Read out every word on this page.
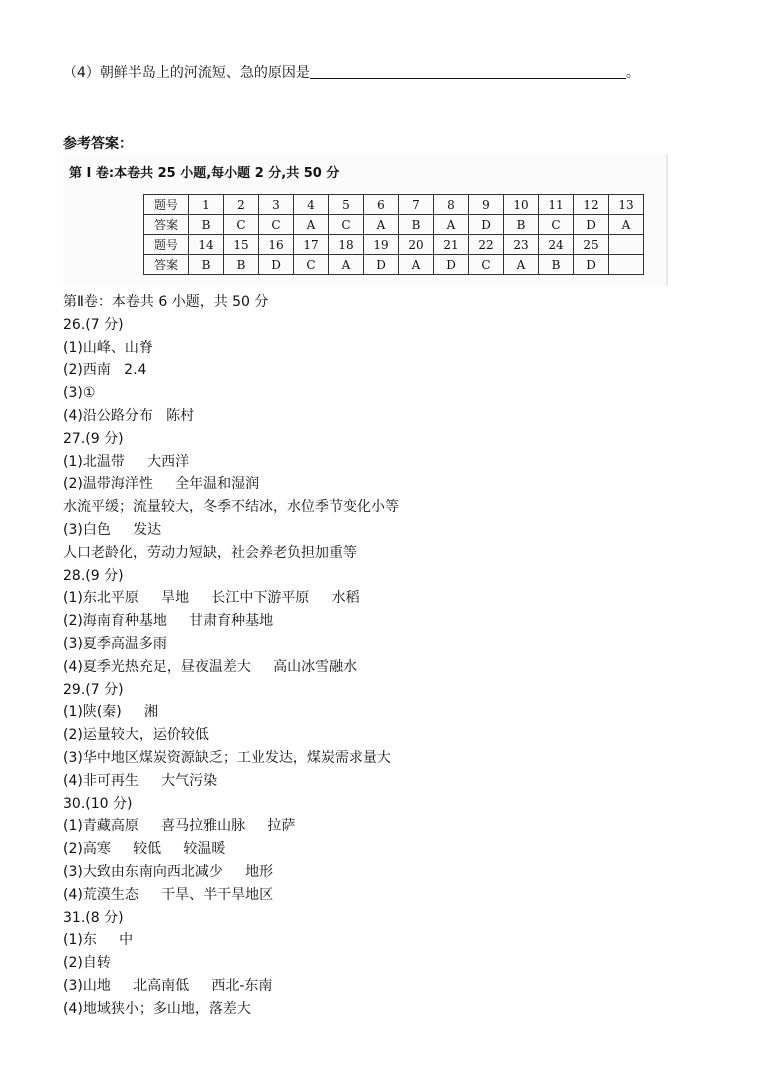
（4）朝鲜半岛上的河流短、急的原因是	。
参考答案：
第 I 卷:本卷共 25 小题,每小题 2 分,共 50 分
题号	1	2	3	4	5	6	7	8	9	10	11	12	13
答案	B	C	C	A	C	A	B	A	D	B	C	D	A
题号	14	15	16	17	18	19	20	21	22	23	24	25	
答案	B	B	D	C	A	D	A	D	C	A	B	D	
第Ⅱ卷：本卷共 6 小题，共 50 分
26.(7 分)
(1)山峰、山脊
(2)西南   2.4
(3)①
(4)沿公路分布   陈村
27.(9 分)
(1)北温带     大西洋
(2)温带海洋性     全年温和湿润
水流平缓；流量较大，冬季不结冰，水位季节变化小等
(3)白色     发达
人口老龄化，劳动力短缺，社会养老负担加重等
28.(9 分)
(1)东北平原     旱地     长江中下游平原     水稻
(2)海南育种基地     甘肃育种基地
(3)夏季高温多雨
(4)夏季光热充足，昼夜温差大     高山冰雪融水
29.(7 分)
(1)陕(秦)     湘
(2)运量较大，运价较低
(3)华中地区煤炭资源缺乏；工业发达，煤炭需求量大
(4)非可再生     大气污染
30.(10 分)
(1)青藏高原     喜马拉雅山脉     拉萨
(2)高寒     较低     较温暖
(3)大致由东南向西北减少     地形
(4)荒漠生态     干旱、半干旱地区
31.(8 分)
(1)东     中
(2)自转
(3)山地     北高南低     西北-东南
(4)地域狭小；多山地，落差大
